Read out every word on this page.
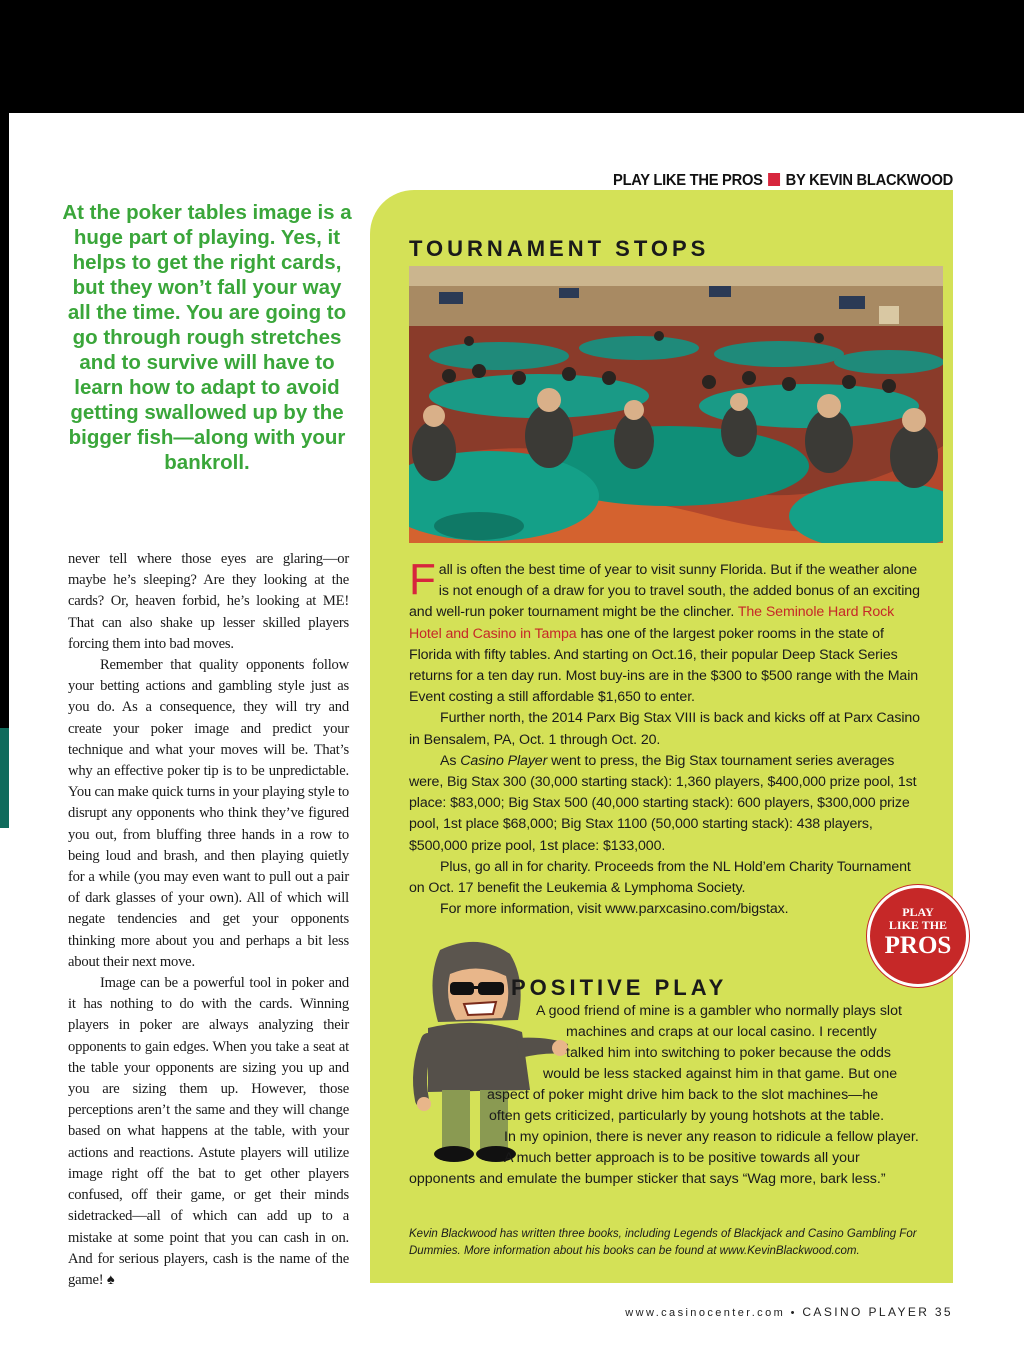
PLAY LIKE THE PROS BY KEVIN BLACKWOOD
At the poker tables image is a huge part of playing. Yes, it helps to get the right cards, but they won’t fall your way all the time. You are going to go through rough stretches and to survive will have to learn how to adapt to avoid getting swallowed up by the bigger fish—along with your bankroll.

never tell where those eyes are glaring—or maybe he’s sleeping? Are they looking at the cards? Or, heaven forbid, he’s looking at ME! That can also shake up lesser skilled players forcing them into bad moves.

Remember that quality opponents follow your betting actions and gambling style just as you do. As a consequence, they will try and create your poker image and predict your technique and what your moves will be. That’s why an effective poker tip is to be unpredictable. You can make quick turns in your playing style to disrupt any opponents who think they’ve figured you out, from bluffing three hands in a row to being loud and brash, and then playing quietly for a while (you may even want to pull out a pair of dark glasses of your own). All of which will negate tendencies and get your opponents thinking more about you and perhaps a bit less about their next move.

Image can be a powerful tool in poker and it has nothing to do with the cards. Winning players in poker are always analyzing their opponents to gain edges. When you take a seat at the table your opponents are sizing you up and you are sizing them up. However, those perceptions aren’t the same and they will change based on what happens at the table, with your actions and reactions. Astute players will utilize image right off the bat to get other players confused, off their game, or get their minds sidetracked—all of which can add up to a mistake at some point that you can cash in on. And for serious players, cash is the name of the game! ♠

TOURNAMENT STOPS

Fall is often the best time of year to visit sunny Florida. But if the weather alone is not enough of a draw for you to travel south, the added bonus of an exciting and well-run poker tournament might be the clincher. The Seminole Hard Rock Hotel and Casino in Tampa has one of the largest poker rooms in the state of Florida with fifty tables. And starting on Oct.16, their popular Deep Stack Series returns for a ten day run. Most buy-ins are in the $300 to $500 range with the Main Event costing a still affordable $1,650 to enter.

Further north, the 2014 Parx Big Stax VIII is back and kicks off at Parx Casino in Bensalem, PA, Oct. 1 through Oct. 20.

As Casino Player went to press, the Big Stax tournament series averages were, Big Stax 300 (30,000 starting stack): 1,360 players, $400,000 prize pool, 1st place: $83,000; Big Stax 500 (40,000 starting stack): 600 players, $300,000 prize pool, 1st place $68,000; Big Stax 1100 (50,000 starting stack): 438 players, $500,000 prize pool, 1st place: $133,000.

Plus, go all in for charity. Proceeds from the NL Hold’em Charity Tournament on Oct. 17 benefit the Leukemia & Lymphoma Society.

For more information, visit www.parxcasino.com/bigstax.	PLAY
LIKE THE
PROS
POSITIVE PLAY
A good friend of mine is a gambler who normally plays slot
machines and craps at our local casino. I recently
talked him into switching to poker because the odds
would be less stacked against him in that game. But one
aspect of poker might drive him back to the slot machines—he
often gets criticized, particularly by young hotshots at the table.
In my opinion, there is never any reason to ridicule a fellow player.
A much better approach is to be positive towards all your
opponents and emulate the bumper sticker that says “Wag more, bark less.”
Kevin Blackwood has written three books, including Legends of Blackjack and Casino Gambling For Dummies. More information about his books can be found at www.KevinBlackwood.com.
www.casinocenter.com • CASINO PLAYER 35
